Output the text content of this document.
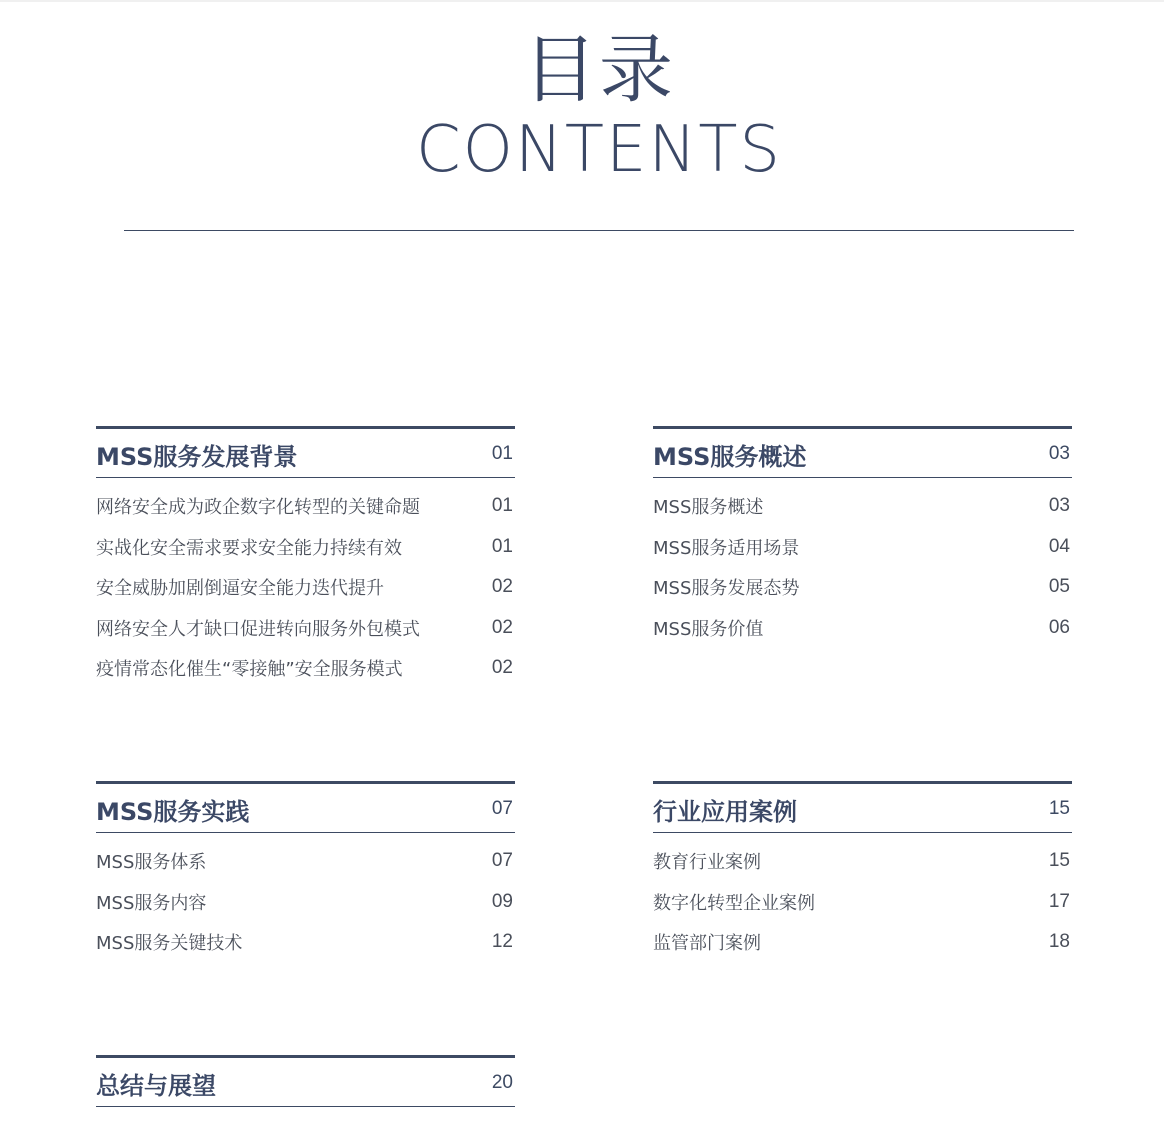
目录
CONTENTS
MSS服务发展背景	01
网络安全成为政企数字化转型的关键命题	01
实战化安全需求要求安全能力持续有效	01
安全威胁加剧倒逼安全能力迭代提升	02
网络安全人才缺口促进转向服务外包模式	02
疫情常态化催生“零接触”安全服务模式	02
MSS服务概述	03
MSS服务概述	03
MSS服务适用场景	04
MSS服务发展态势	05
MSS服务价值	06
MSS服务实践	07
MSS服务体系	07
MSS服务内容	09
MSS服务关键技术	12
行业应用案例	15
教育行业案例	15
数字化转型企业案例	17
监管部门案例	18
总结与展望	20
